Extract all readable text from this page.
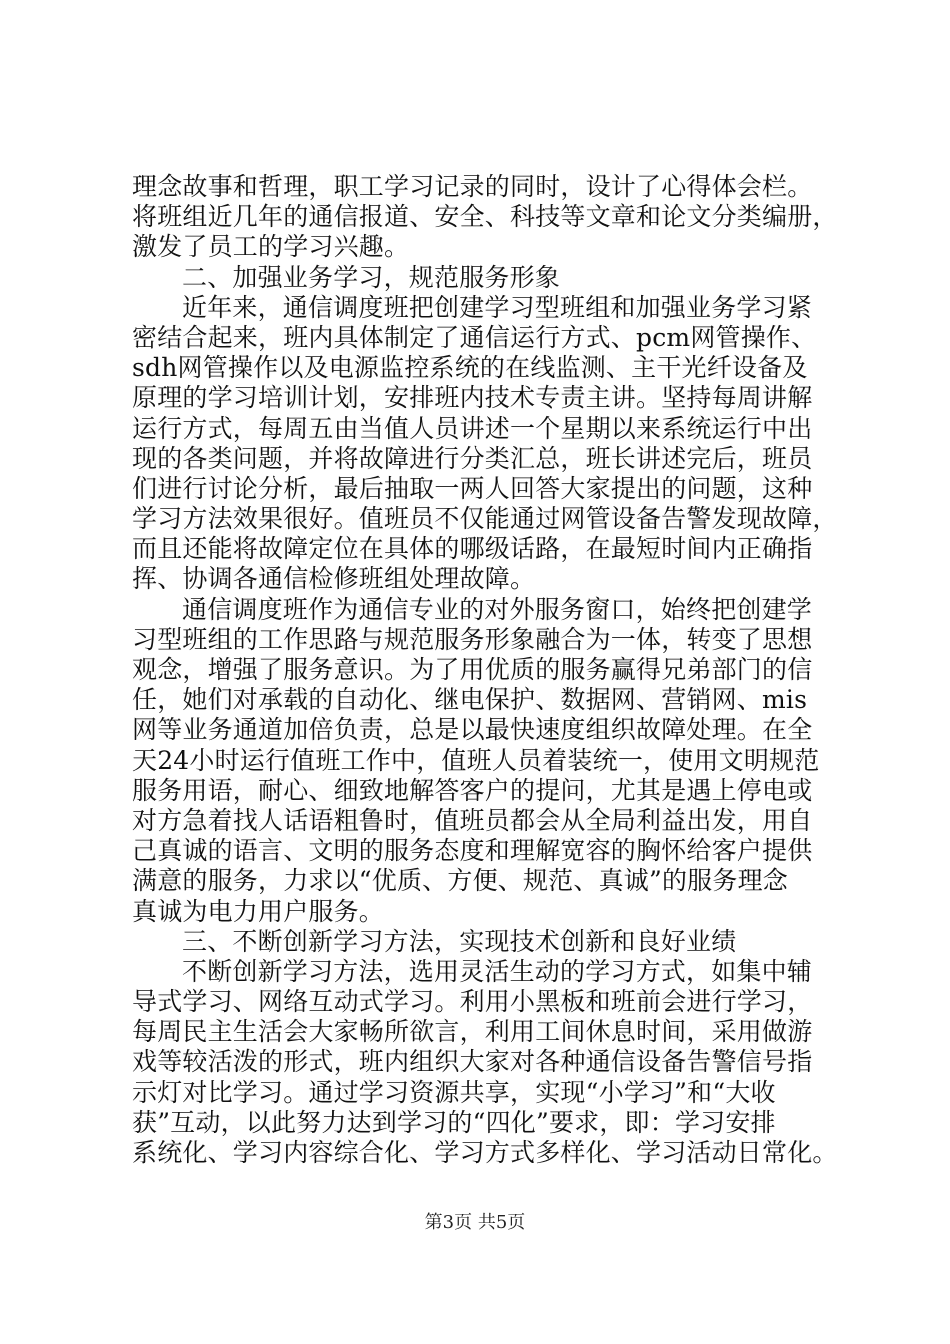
理念故事和哲理，职工学习记录的同时，设计了心得体会栏。
将班组近几年的通信报道、安全、科技等文章和论文分类编册，
激发了员工的学习兴趣。
二、加强业务学习，规范服务形象
近年来，通信调度班把创建学习型班组和加强业务学习紧
密结合起来，班内具体制定了通信运行方式、pcm网管操作、
sdh网管操作以及电源监控系统的在线监测、主干光纤设备及
原理的学习培训计划，安排班内技术专责主讲。坚持每周讲解
运行方式，每周五由当值人员讲述一个星期以来系统运行中出
现的各类问题，并将故障进行分类汇总，班长讲述完后，班员
们进行讨论分析，最后抽取一两人回答大家提出的问题，这种
学习方法效果很好。值班员不仅能通过网管设备告警发现故障，
而且还能将故障定位在具体的哪级话路，在最短时间内正确指
挥、协调各通信检修班组处理故障。
通信调度班作为通信专业的对外服务窗口，始终把创建学
习型班组的工作思路与规范服务形象融合为一体，转变了思想
观念，增强了服务意识。为了用优质的服务赢得兄弟部门的信
任，她们对承载的自动化、继电保护、数据网、营销网、mis
网等业务通道加倍负责，总是以最快速度组织故障处理。在全
天24小时运行值班工作中，值班人员着装统一，使用文明规范
服务用语，耐心、细致地解答客户的提问，尤其是遇上停电或
对方急着找人话语粗鲁时，值班员都会从全局利益出发，用自
己真诚的语言、文明的服务态度和理解宽容的胸怀给客户提供
满意的服务，力求以“优质、方便、规范、真诚”的服务理念
真诚为电力用户服务。
三、不断创新学习方法，实现技术创新和良好业绩
不断创新学习方法，选用灵活生动的学习方式，如集中辅
导式学习、网络互动式学习。利用小黑板和班前会进行学习，
每周民主生活会大家畅所欲言，利用工间休息时间，采用做游
戏等较活泼的形式，班内组织大家对各种通信设备告警信号指
示灯对比学习。通过学习资源共享，实现“小学习”和“大收
获”互动，以此努力达到学习的“四化”要求，即：学习安排
系统化、学习内容综合化、学习方式多样化、学习活动日常化。
第3页 共5页
